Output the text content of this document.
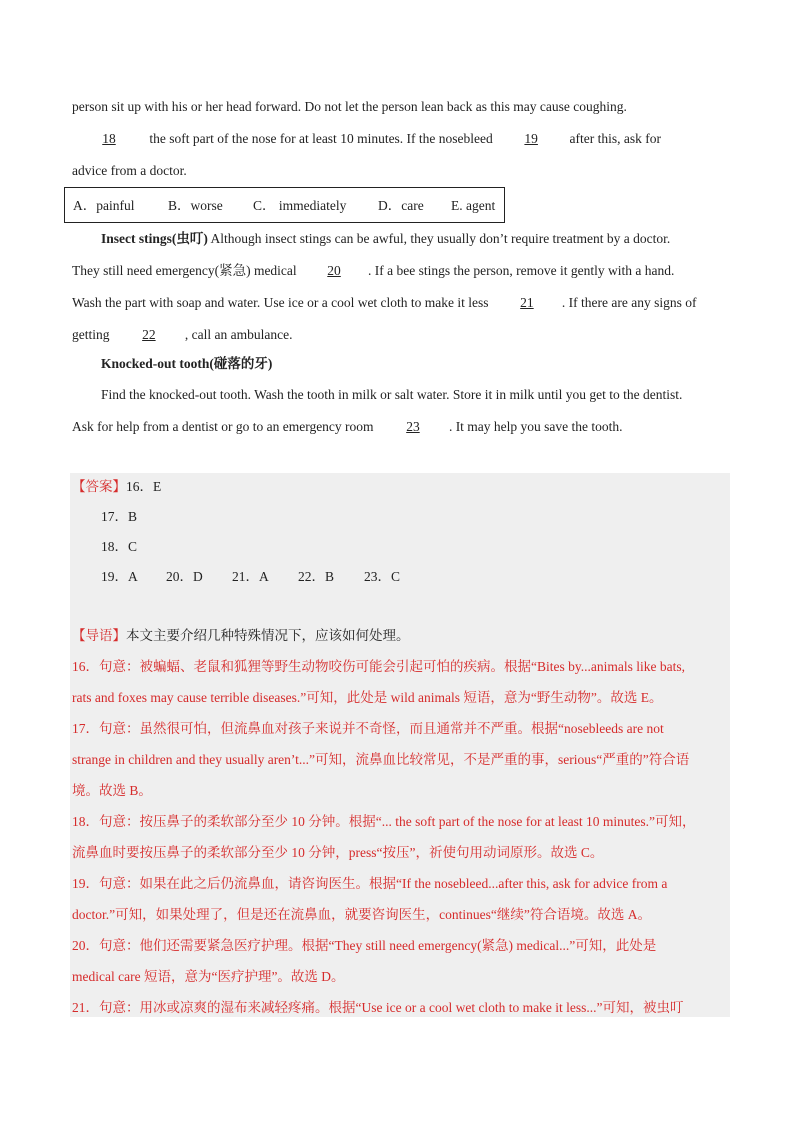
person sit up with his or her head forward. Do not let the person lean back as this may cause coughing.
18 the soft part of the nose for at least 10 minutes. If the nosebleed 19 after this, ask for
advice from a doctor.
A．painful B．worse C． immediately D．care E. agent
Insect stings(虫叮) Although insect stings can be awful, they usually don’t require treatment by a doctor.
They still need emergency(紧急) medical 20 . If a bee stings the person, remove it gently with a hand.
Wash the part with soap and water. Use ice or a cool wet cloth to make it less 21 . If there are any signs of
getting 22 , call an ambulance.
Knocked-out tooth(碰落的牙)
Find the knocked-out tooth. Wash the tooth in milk or salt water. Store it in milk until you get to the dentist.
Ask for help from a dentist or go to an emergency room 23 . It may help you save the tooth.
【答案】16．E
17．B
18．C
19．A 20．D 21．A 22．B 23．C
【导语】本文主要介绍几种特殊情况下，应该如何处理。
16．句意：被蝙蝠、老鼠和狐狸等野生动物咬伤可能会引起可怕的疾病。根据“Bites by...animals like bats,
rats and foxes may cause terrible diseases.”可知，此处是 wild animals 短语，意为“野生动物”。故选 E。
17．句意：虽然很可怕，但流鼻血对孩子来说并不奇怪，而且通常并不严重。根据“nosebleeds are not
strange in children and they usually aren’t...”可知，流鼻血比较常见，不是严重的事，serious“严重的”符合语
境。故选 B。
18．句意：按压鼻子的柔软部分至少 10 分钟。根据“... the soft part of the nose for at least 10 minutes.”可知，
流鼻血时要按压鼻子的柔软部分至少 10 分钟，press“按压”，祈使句用动词原形。故选 C。
19．句意：如果在此之后仍流鼻血，请咨询医生。根据“If the nosebleed...after this, ask for advice from a
doctor.”可知，如果处理了，但是还在流鼻血，就要咨询医生，continues“继续”符合语境。故选 A。
20．句意：他们还需要紧急医疗护理。根据“They still need emergency(紧急) medical...”可知，此处是
medical care 短语，意为“医疗护理”。故选 D。
21．句意：用冰或凉爽的湿布来减轻疼痛。根据“Use ice or a cool wet cloth to make it less...”可知，被虫叮
